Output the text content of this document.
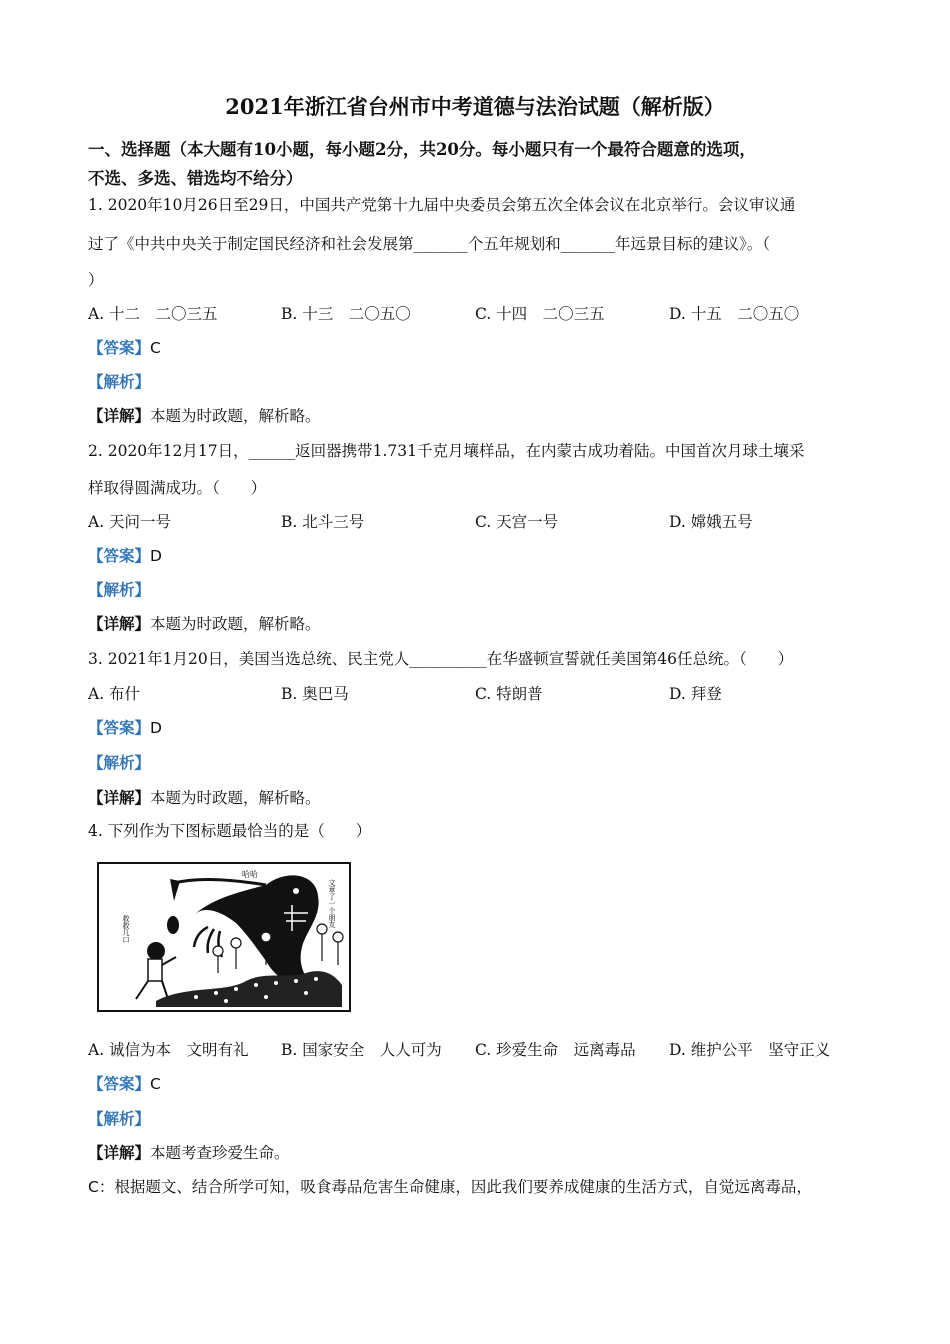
2021年浙江省台州市中考道德与法治试题（解析版）
一、选择题（本大题有10小题，每小题2分，共20分。每小题只有一个最符合题意的选项，
不选、多选、错选均不给分）
1. 2020年10月26日至29日，中国共产党第十九届中央委员会第五次全体会议在北京举行。会议审议通
过了《中共中央关于制定国民经济和社会发展第_______个五年规划和_______年远景目标的建议》。（
）
A. 十二　二〇三五	B. 十三　二〇五〇	C. 十四　二〇三五	D. 十五　二〇五〇
【答案】C
【解析】
【详解】本题为时政题，解析略。
2. 2020年12月17日，______返回器携带1.731千克月壤样品，在内蒙古成功着陆。中国首次月球土壤采
样取得圆满成功。（　　）
A. 天问一号	B. 北斗三号	C. 天宫一号	D. 嫦娥五号
【答案】D
【解析】
【详解】本题为时政题，解析略。
3. 2021年1月20日，美国当选总统、民主党人__________在华盛顿宣誓就任美国第46任总统。（　　）
A. 布什	B. 奥巴马	C. 特朗普	D. 拜登
【答案】D
【解析】
【详解】本题为时政题，解析略。
4. 下列作为下图标题最恰当的是（　　）
哈哈
文章了一个朋友
救救几口
A. 诚信为本　文明有礼 B. 国家安全　人人可为 C. 珍爱生命　远离毒品 D. 维护公平　坚守正义
【答案】C
【解析】
【详解】本题考查珍爱生命。
C：根据题文、结合所学可知，吸食毒品危害生命健康，因此我们要养成健康的生活方式，自觉远离毒品，
